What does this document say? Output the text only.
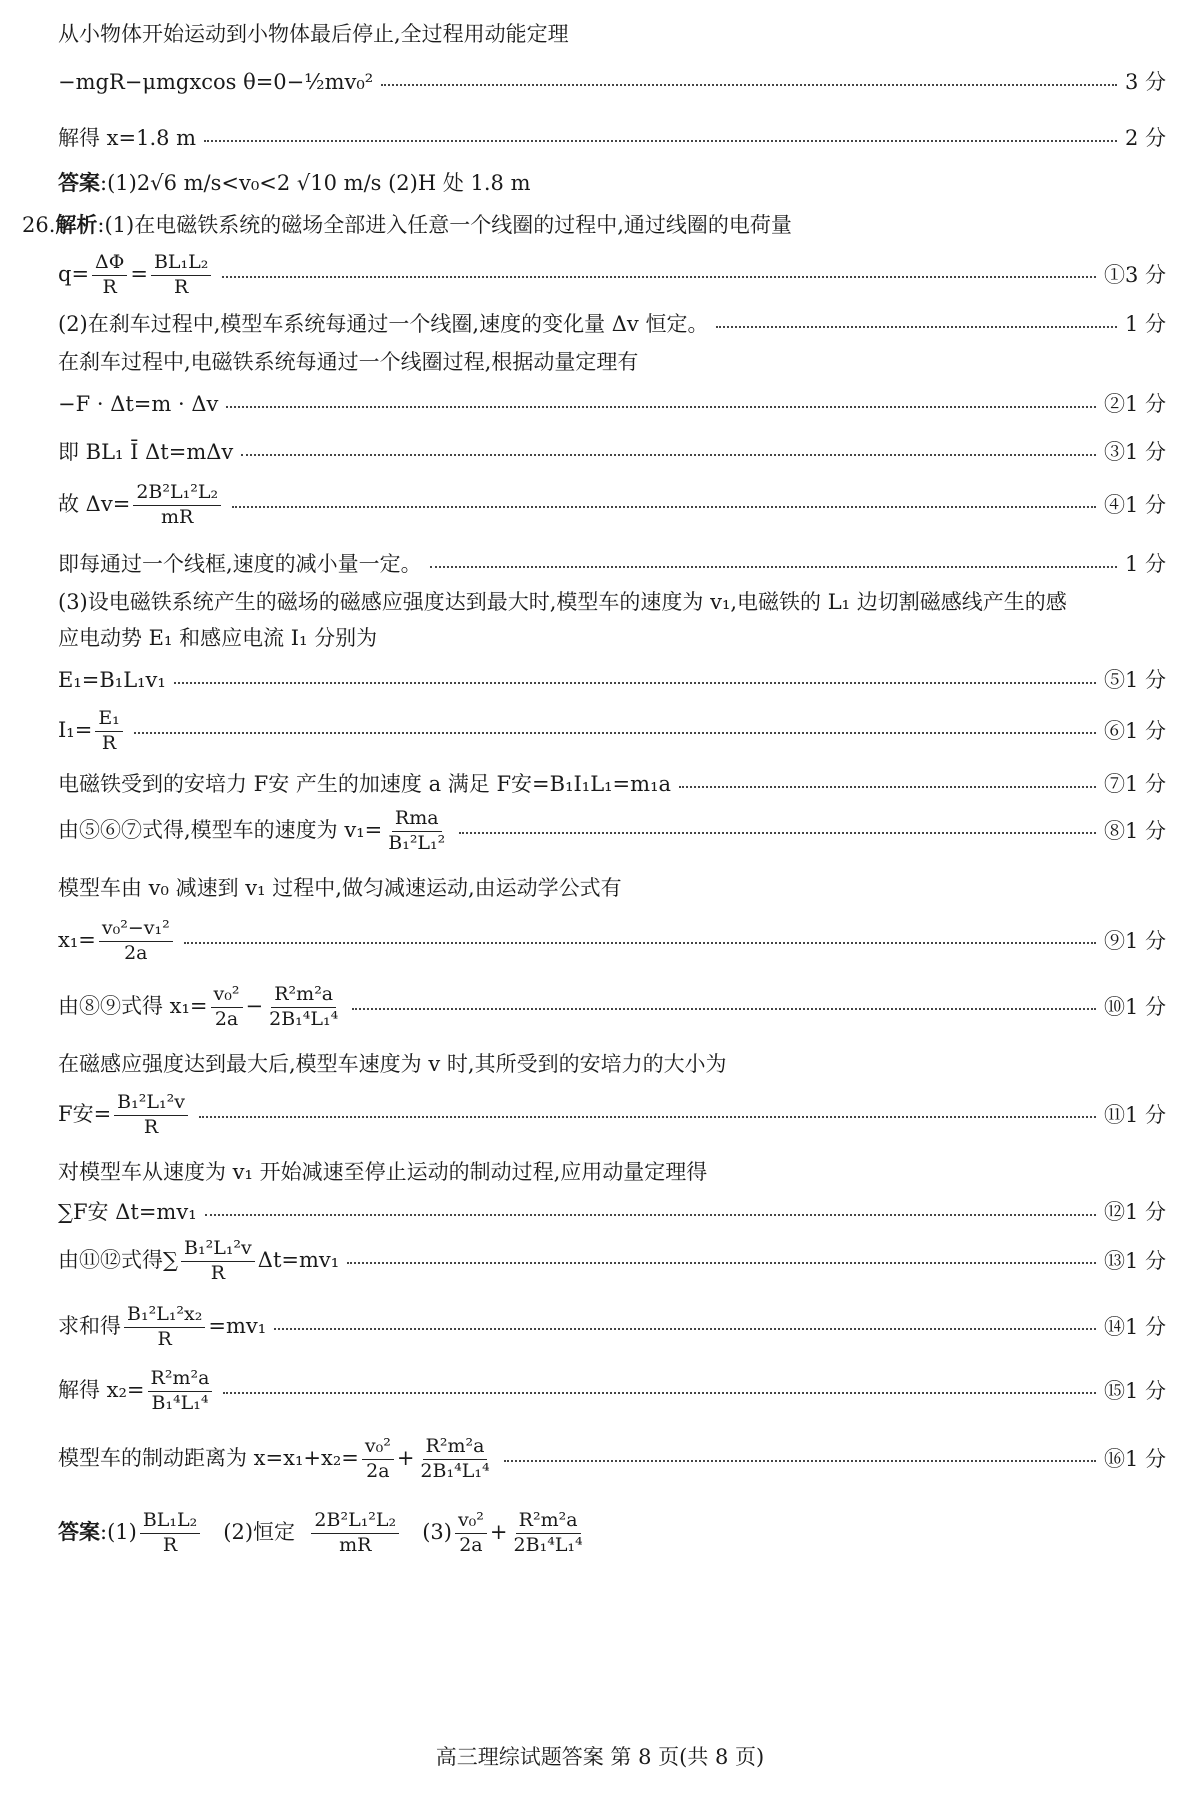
从小物体开始运动到小物体最后停止,全过程用动能定理
−mgR−μmgxcos θ=0−½mv₀²	3 分
解得 x=1.8 m	2 分
答案:(1)2√6 m/s<v₀<2 √10 m/s (2)H 处 1.8 m
26.解析:(1)在电磁铁系统的磁场全部进入任意一个线圈的过程中,通过线圈的电荷量
$q= \frac{\Delta\Phi}{R} = \frac{\text{BL₁L₂}}{R}$	①3 分
(2)在刹车过程中,模型车系统每通过一个线圈,速度的变化量 Δv 恒定。	1 分
在刹车过程中,电磁铁系统每通过一个线圈过程,根据动量定理有
−F · Δt=m · Δv	②1 分
即 BL₁ Ī Δt=mΔv	③1 分
故 $\Delta v= \frac{\text{2B²L₁²L₂}}{mR}$	④1 分
即每通过一个线框,速度的减小量一定。	1 分
(3)设电磁铁系统产生的磁场的磁感应强度达到最大时,模型车的速度为 v₁,电磁铁的 L₁ 边切割磁感线产生的感
应电动势 E₁ 和感应电流 I₁ 分别为
E₁=B₁L₁v₁	⑤1 分
$I_1= \frac{\text{E₁}}{R}$	⑥1 分
电磁铁受到的安培力 F安 产生的加速度 a 满足 F安=B₁I₁L₁=m₁a	⑦1 分
由⑤⑥⑦式得,模型车的速度为 $v_1= \frac{\text{Rma}}{\text{B₁²L₁²}}$	⑧1 分
模型车由 v₀ 减速到 v₁ 过程中,做匀减速运动,由运动学公式有
$x_1= \frac{\text{v₀²−v₁²}}{2a}$	⑨1 分
由⑧⑨式得 $x_1= \frac{\text{v₀²}}{2a} - \frac{\text{R²m²a}}{\text{2B₁⁴L₁⁴}}$	⑩1 分
在磁感应强度达到最大后,模型车速度为 v 时,其所受到的安培力的大小为
F安= $\frac{\text{B₁²L₁²v}}{R}$	⑪1 分
对模型车从速度为 v₁ 开始减速至停止运动的制动过程,应用动量定理得
∑F安 Δt=mv₁	⑫1 分
由⑪⑫式得∑ $\frac{\text{B₁²L₁²v}}{R} \Delta t=mv_1$	⑬1 分
求和得 $\frac{\text{B₁²L₁²x₂}}{R} =mv_1$	⑭1 分
解得 $x_2= \frac{\text{R²m²a}}{\text{B₁⁴L₁⁴}}$	⑮1 分
模型车的制动距离为 $x=x_1+x_2= \frac{\text{v₀²}}{2a} + \frac{\text{R²m²a}}{\text{2B₁⁴L₁⁴}}$	⑯1 分
答案:(1) $\frac{\text{BL₁L₂}}{R} (2)$恒定 $\frac{\text{2B²L₁²L₂}}{mR} (3) \frac{\text{v₀²}}{2a} + \frac{\text{R²m²a}}{\text{2B₁⁴L₁⁴}}$
高三理综试题答案 第 8 页(共 8 页)
